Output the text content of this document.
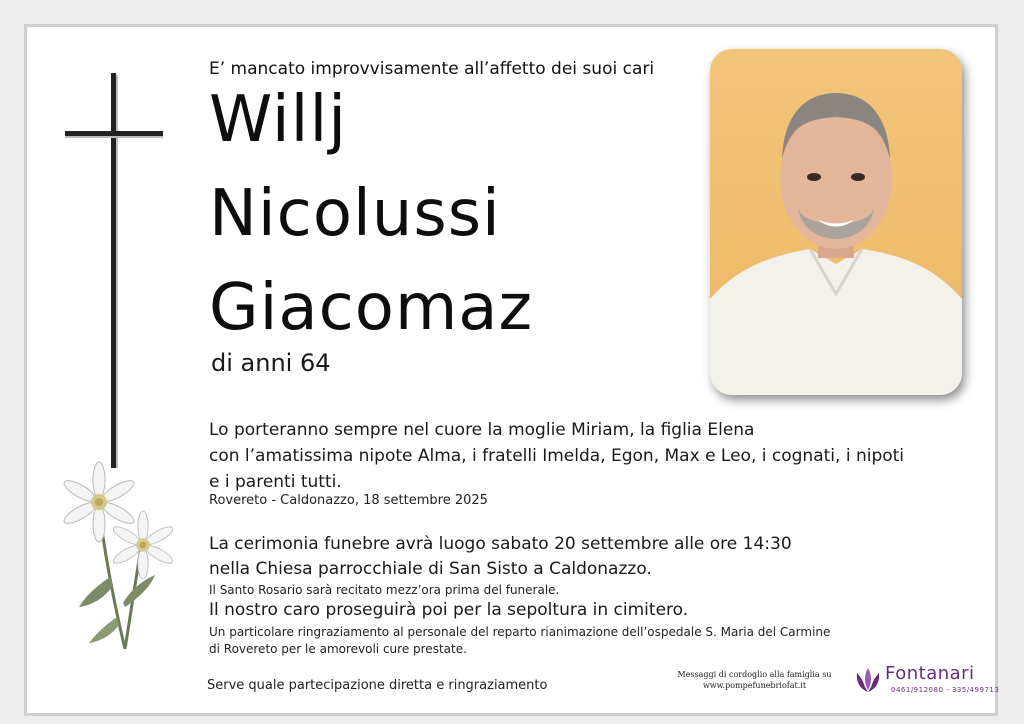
E’ mancato improvvisamente all’affetto dei suoi cari
Willj
Nicolussi
Giacomaz
di anni 64
Lo porteranno sempre nel cuore la moglie Miriam, la figlia Elena
con l’amatissima nipote Alma, i fratelli Imelda, Egon, Max e Leo, i cognati, i nipoti
e i parenti tutti.
Rovereto - Caldonazzo, 18 settembre 2025
La cerimonia funebre avrà luogo sabato 20 settembre alle ore 14:30
nella Chiesa parrocchiale di San Sisto a Caldonazzo.
Il Santo Rosario sarà recitato mezz’ora prima del funerale.
Il nostro caro proseguirà poi per la sepoltura in cimitero.
Un particolare ringraziamento al personale del reparto rianimazione dell’ospedale S. Maria del Carmine
di Rovereto per le amorevoli cure prestate.
Serve quale partecipazione diretta e ringraziamento
Messaggi di cordoglio alla famiglia su
www.pompefunebriofat.it
Fontanari
0461/912080 - 335/499713
